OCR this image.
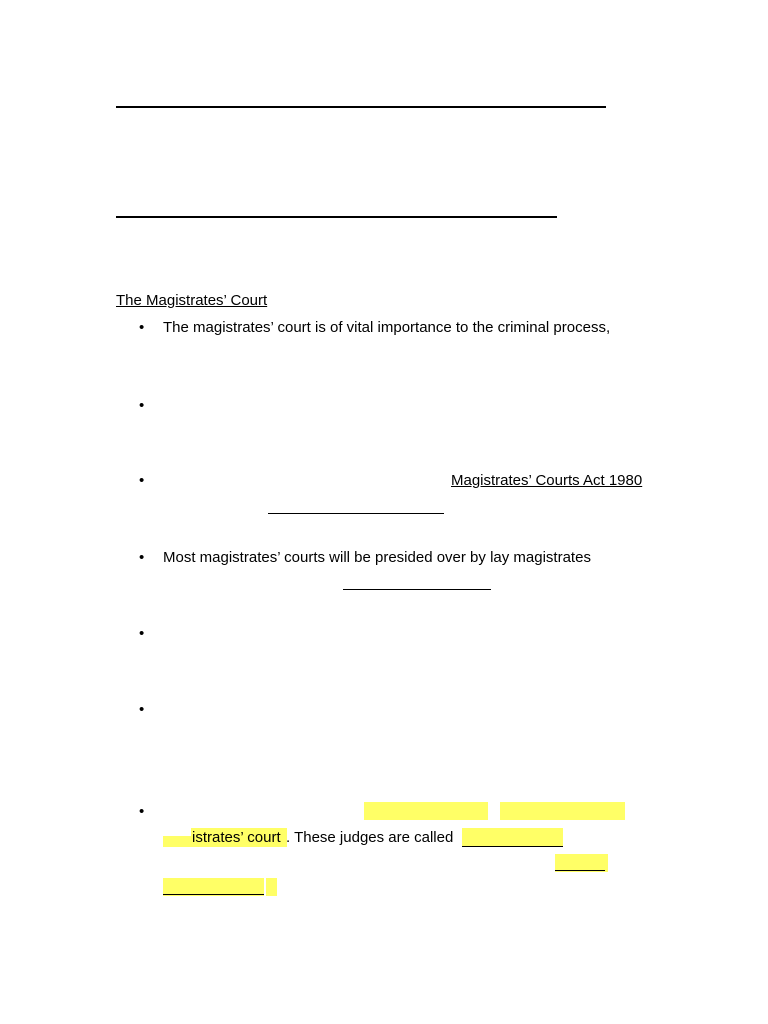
The Magistrates’ Court
• The magistrates’ court is of vital importance to the criminal process,
•
•	Magistrates’ Courts Act 1980
• Most magistrates’ courts will be presided over by lay magistrates
•
•
•
istrates’ court . These judges are called
